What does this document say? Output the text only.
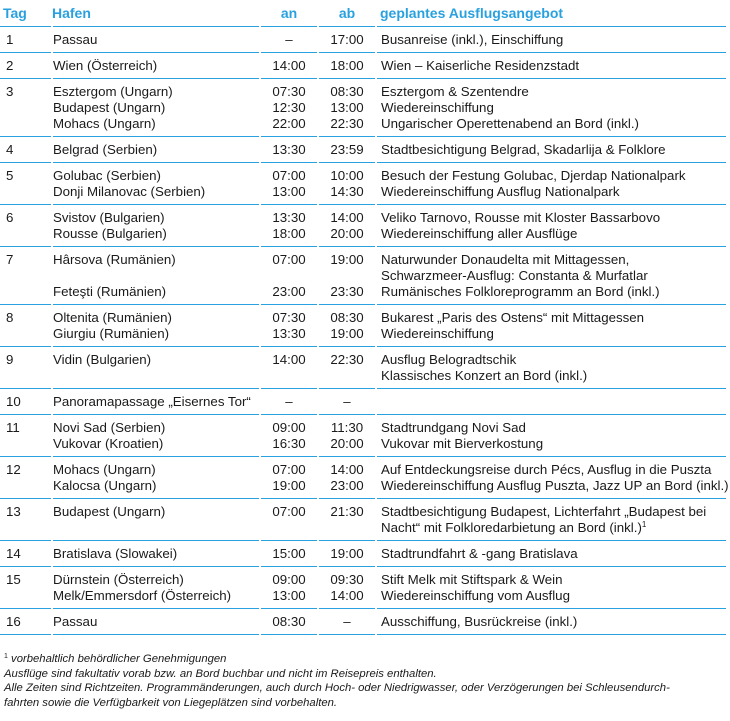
Tag	Hafen	an	ab	geplantes Ausflugsangebot
1	Passau	–	17:00	Busanreise (inkl.), Einschiffung

2	Wien (Österreich)	14:00	18:00	Wien – Kaiserliche Residenzstadt

3	Esztergom (Ungarn)	07:30	08:30	Esztergom & Szentendre

	Budapest (Ungarn)	12:30	13:00	Wiedereinschiffung

	Mohacs (Ungarn)	22:00	22:30	Ungarischer Operettenabend an Bord (inkl.)

4	Belgrad (Serbien)	13:30	23:59	Stadtbesichtigung Belgrad, Skadarlija & Folklore

5	Golubac (Serbien)	07:00	10:00	Besuch der Festung Golubac, Djerdap Nationalpark

	Donji Milanovac (Serbien)	13:00	14:30	Wiedereinschiffung Ausflug Nationalpark

6	Svistov (Bulgarien)	13:30	14:00	Veliko Tarnovo, Rousse mit Kloster Bassarbovo

	Rousse (Bulgarien)	18:00	20:00	Wiedereinschiffung aller Ausflüge

7	Hârsova (Rumänien)	07:00	19:00	Naturwunder Donaudelta mit Mittagessen,
Schwarzmeer-Ausflug: Constanta & Murfatlar

	Feteşti (Rumänien)	23:00	23:30	Rumänisches Folkloreprogramm an Bord (inkl.)

8	Oltenita (Rumänien)	07:30	08:30	Bukarest „Paris des Ostens“ mit Mittagessen

	Giurgiu (Rumänien)	13:30	19:00	Wiedereinschiffung

9	Vidin (Bulgarien)	14:00	22:30	Ausflug Belogradtschik
Klassisches Konzert an Bord (inkl.)

10	Panoramapassage „Eisernes Tor“	–	–	

11	Novi Sad (Serbien)	09:00	11:30	Stadtrundgang Novi Sad

	Vukovar (Kroatien)	16:30	20:00	Vukovar mit Bierverkostung

12	Mohacs (Ungarn)	07:00	14:00	Auf Entdeckungsreise durch Pécs, Ausflug in die Puszta

	Kalocsa (Ungarn)	19:00	23:00	Wiedereinschiffung Ausflug Puszta, Jazz UP an Bord (inkl.)

13	Budapest (Ungarn)	07:00	21:30	Stadtbesichtigung Budapest, Lichterfahrt „Budapest bei
Nacht“ mit Folkloredarbietung an Bord (inkl.)$^1$

14	Bratislava (Slowakei)	15:00	19:00	Stadtrundfahrt & -gang Bratislava

15	Dürnstein (Österreich)	09:00	09:30	Stift Melk mit Stiftspark & Wein

	Melk/Emmersdorf (Österreich)	13:00	14:00	Wiedereinschiffung vom Ausflug

16	Passau	08:30	–	Ausschiffung, Busrückreise (inkl.)

$^1$ vorbehaltlich behördlicher Genehmigungen

Ausflüge sind fakultativ vorab bzw. an Bord buchbar und nicht im Reisepreis enthalten.

Alle Zeiten sind Richtzeiten. Programmänderungen, auch durch Hoch- oder Niedrigwasser, oder Verzögerungen bei Schleusendurch-

fahrten sowie die Verfügbarkeit von Liegeplätzen sind vorbehalten.
